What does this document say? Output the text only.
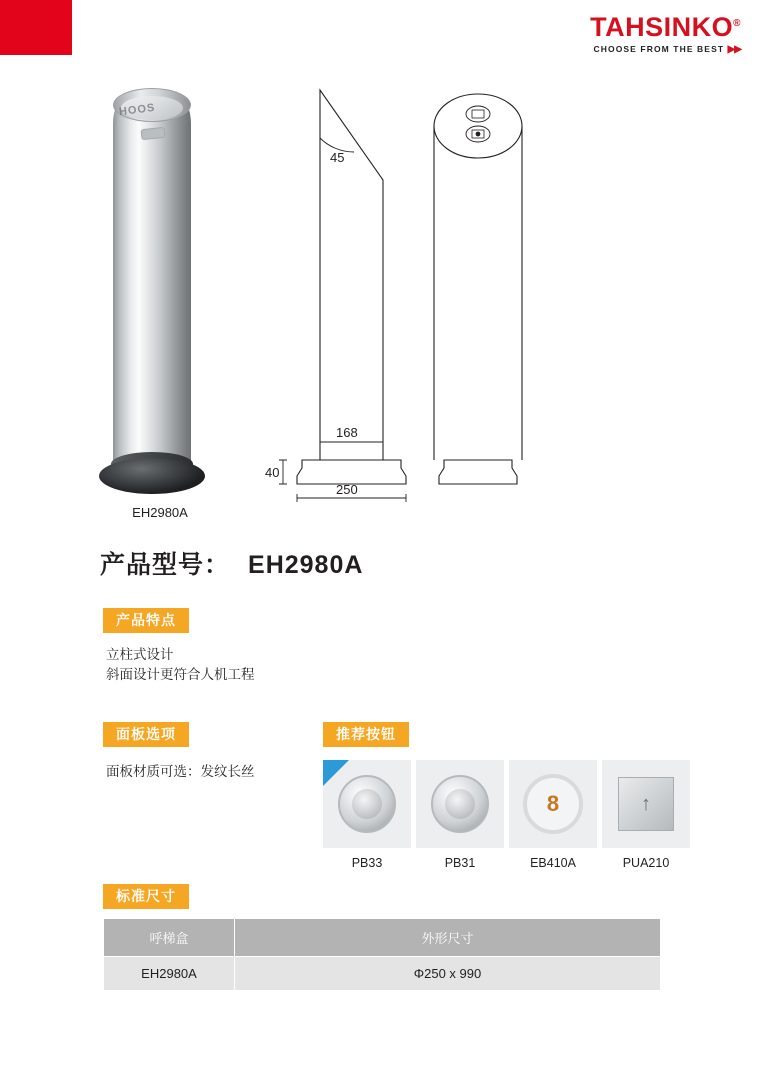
TAHSINKO®
CHOOSE FROM THE BEST ▶▶
HOOS
EH2980A
45
168
40
250
产品型号： EH2980A
产品特点
立柱式设计
斜面设计更符合人机工程
面板选项
面板材质可选：发纹长丝
推荐按钮
PB33	PB31
8
EB410A
↑
PUA210
标准尺寸
呼梯盒	外形尺寸
EH2980A	Φ250 x 990
